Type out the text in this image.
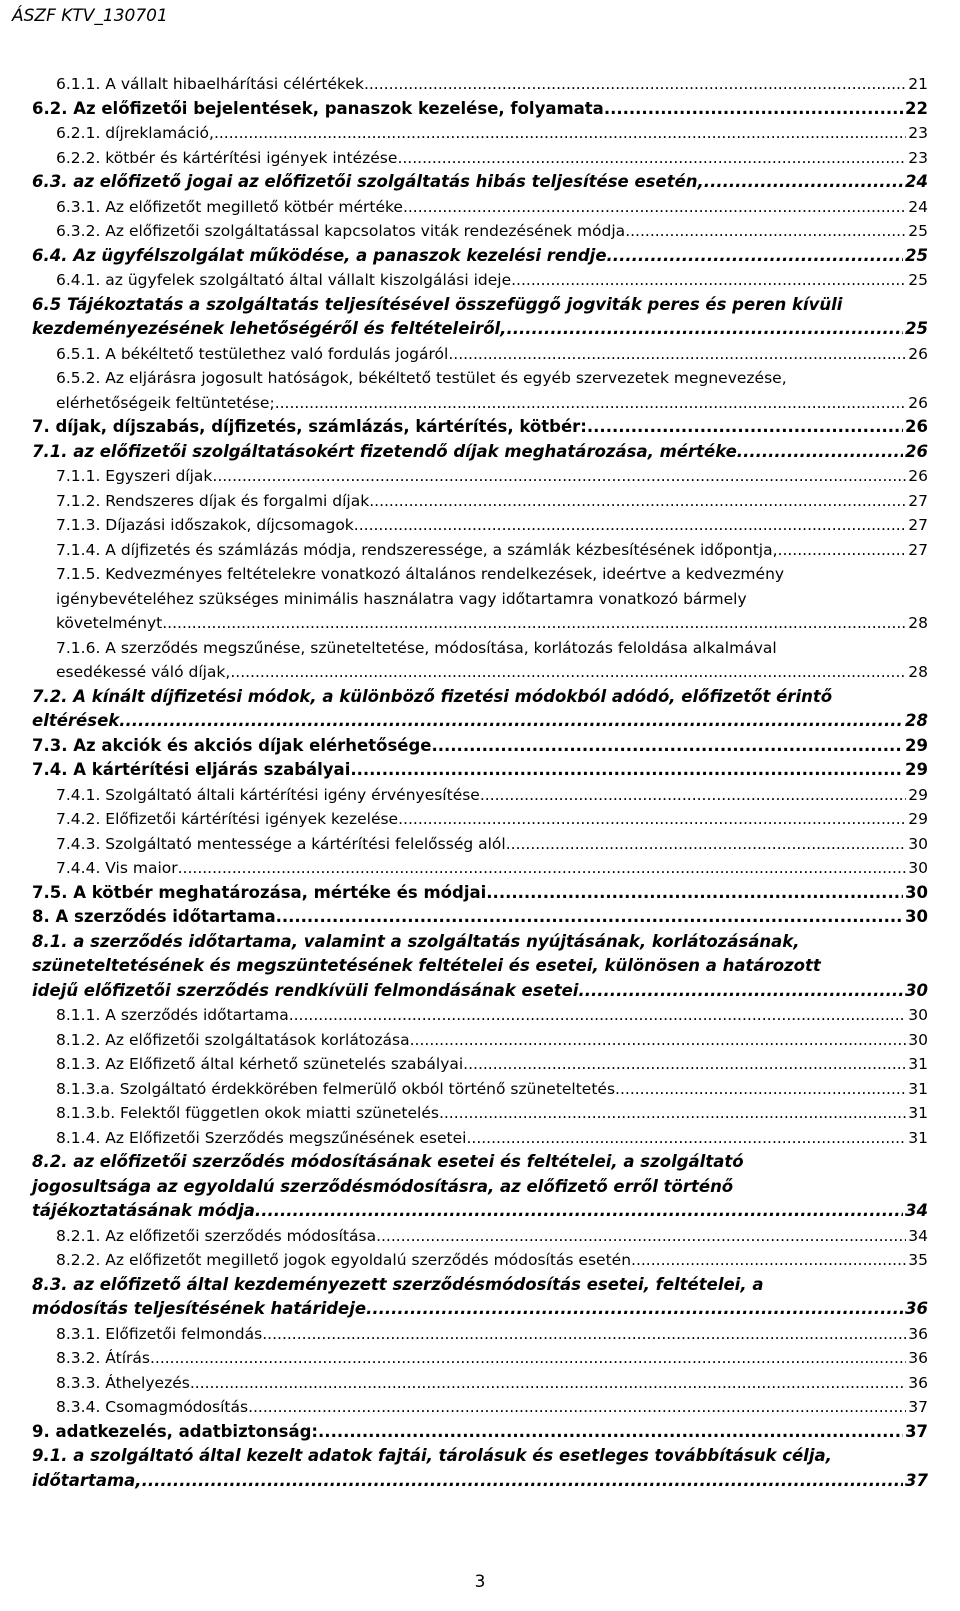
ÁSZF KTV_130701
6.1.1. A vállalt hibaelhárítási célértékek .....	21
6.2. Az előfizetői bejelentések, panaszok kezelése, folyamata .....	22
6.2.1. díjreklamáció, .....	23
6.2.2. kötbér és kártérítési igények intézése .....	23
6.3. az előfizető jogai az előfizetői szolgáltatás hibás teljesítése esetén, .....	24
6.3.1. Az előfizetőt megillető kötbér mértéke .....	24
6.3.2. Az előfizetői szolgáltatással kapcsolatos viták rendezésének módja .....	25
6.4. Az ügyfélszolgálat működése, a panaszok kezelési rendje .....	25
6.4.1. az ügyfelek szolgáltató által vállalt kiszolgálási ideje .....	25
6.5 Tájékoztatás a szolgáltatás teljesítésével összefüggő jogviták peres és peren kívüli
kezdeményezésének lehetőségéről és feltételeiről, .....	25
6.5.1. A békéltető testülethez való fordulás jogáról .....	26
6.5.2. Az eljárásra jogosult hatóságok, békéltető testület és egyéb szervezetek megnevezése,
elérhetőségeik feltüntetése; .....	26
7. díjak, díjszabás, díjfizetés, számlázás, kártérítés, kötbér: .....	26
7.1. az előfizetői szolgáltatásokért fizetendő díjak meghatározása, mértéke .....	26
7.1.1. Egyszeri díjak .....	26
7.1.2. Rendszeres díjak és forgalmi díjak .....	27
7.1.3. Díjazási időszakok, díjcsomagok .....	27
7.1.4. A díjfizetés és számlázás módja, rendszeressége, a számlák kézbesítésének időpontja, .....	27
7.1.5. Kedvezményes feltételekre vonatkozó általános rendelkezések, ideértve a kedvezmény
igénybevételéhez szükséges minimális használatra vagy időtartamra vonatkozó bármely
követelményt .....	28
7.1.6. A szerződés megszűnése, szüneteltetése, módosítása, korlátozás feloldása alkalmával
esedékessé váló díjak, .....	28
7.2. A kínált díjfizetési módok, a különböző fizetési módokból adódó, előfizetőt érintő
eltérések .....	28
7.3. Az akciók és akciós díjak elérhetősége .....	29
7.4. A kártérítési eljárás szabályai .....	29
7.4.1. Szolgáltató általi kártérítési igény érvényesítése .....	29
7.4.2. Előfizetői kártérítési igények kezelése .....	29
7.4.3. Szolgáltató mentessége a kártérítési felelősség alól .....	30
7.4.4. Vis maior .....	30
7.5. A kötbér meghatározása, mértéke és módjai .....	30
8. A szerződés időtartama .....	30
8.1. a szerződés időtartama, valamint a szolgáltatás nyújtásának, korlátozásának,
szüneteltetésének és megszüntetésének feltételei és esetei, különösen a határozott
idejű előfizetői szerződés rendkívüli felmondásának esetei .....	30
8.1.1. A szerződés időtartama .....	30
8.1.2. Az előfizetői szolgáltatások korlátozása .....	30
8.1.3. Az Előfizető által kérhető szünetelés szabályai .....	31
8.1.3.a. Szolgáltató érdekkörében felmerülő okból történő szüneteltetés .....	31
8.1.3.b. Felektől független okok miatti szünetelés .....	31
8.1.4. Az Előfizetői Szerződés megszűnésének esetei .....	31
8.2. az előfizetői szerződés módosításának esetei és feltételei, a szolgáltató
jogosultsága az egyoldalú szerződésmódosításra, az előfizető erről történő
tájékoztatásának módja .....	34
8.2.1. Az előfizetői szerződés módosítása .....	34
8.2.2. Az előfizetőt megillető jogok egyoldalú szerződés módosítás esetén .....	35
8.3. az előfizető által kezdeményezett szerződésmódosítás esetei, feltételei, a
módosítás teljesítésének határideje .....	36
8.3.1. Előfizetői felmondás .....	36
8.3.2. Átírás .....	36
8.3.3. Áthelyezés .....	36
8.3.4. Csomagmódosítás .....	37
9. adatkezelés, adatbiztonság: .....	37
9.1. a szolgáltató által kezelt adatok fajtái, tárolásuk és esetleges továbbításuk célja,
időtartama, .....	37
3
